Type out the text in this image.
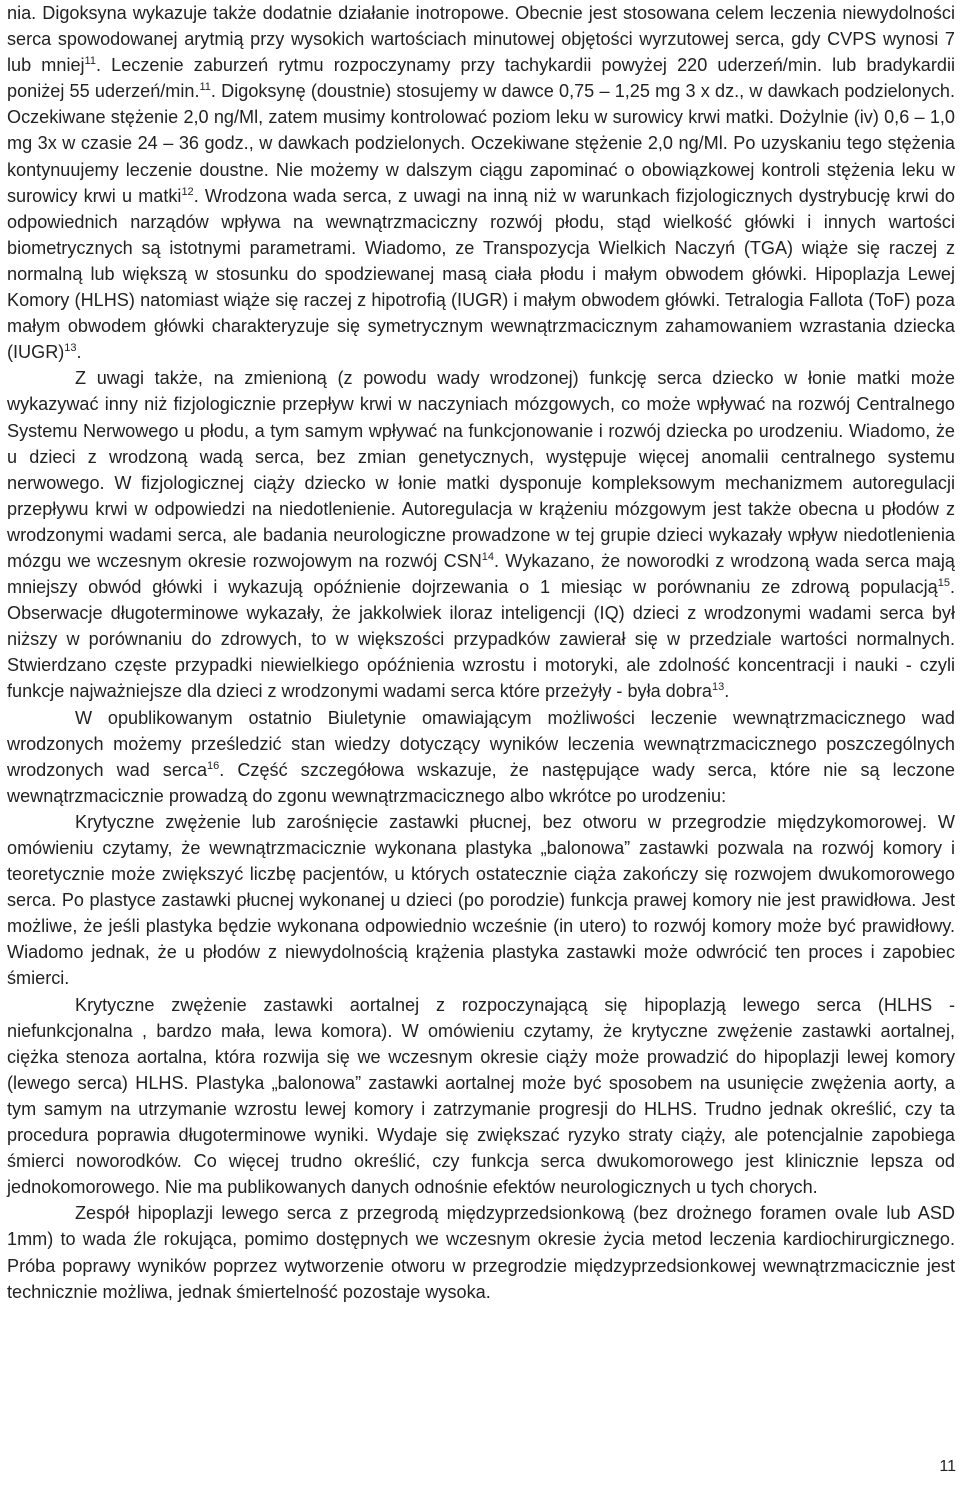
nia. Digoksyna wykazuje także dodatnie działanie inotropowe. Obecnie jest stosowana celem leczenia niewydolności serca spowodowanej arytmią przy wysokich wartościach minutowej objętości wyrzutowej serca, gdy CVPS wynosi 7 lub mniej$^{11}$. Leczenie zaburzeń rytmu rozpoczynamy przy tachykardii powyżej 220 uderzeń/min. lub bradykardii poniżej 55 uderzeń/min.$^{11}$. Digoksynę (doustnie) stosujemy w dawce 0,75 – 1,25 mg 3 x dz., w dawkach podzielonych. Oczekiwane stężenie 2,0 ng/Ml, zatem musimy kontrolować poziom leku w surowicy krwi matki. Dożylnie (iv) 0,6 – 1,0 mg 3x w czasie 24 – 36 godz., w dawkach podzielonych. Oczekiwane stężenie 2,0 ng/Ml. Po uzyskaniu tego stężenia kontynuujemy leczenie doustne. Nie możemy w dalszym ciągu zapominać o obowiązkowej kontroli stężenia leku w surowicy krwi u matki$^{12}$. Wrodzona wada serca, z uwagi na inną niż w warunkach fizjologicznych dystrybucję krwi do odpowiednich narządów wpływa na wewnątrzmaciczny rozwój płodu, stąd wielkość główki i innych wartości biometrycznych są istotnymi parametrami. Wiadomo, ze Transpozycja Wielkich Naczyń (TGA) wiąże się raczej z normalną lub większą w stosunku do spodziewanej masą ciała płodu i małym obwodem główki. Hipoplazja Lewej Komory (HLHS) natomiast wiąże się raczej z hipotrofią (IUGR) i małym obwodem główki. Tetralogia Fallota (ToF) poza małym obwodem główki charakteryzuje się symetrycznym wewnątrzmacicznym zahamowaniem wzrastania dziecka (IUGR)$^{13}$.

Z uwagi także, na zmienioną (z powodu wady wrodzonej) funkcję serca dziecko w łonie matki może wykazywać inny niż fizjologicznie przepływ krwi w naczyniach mózgowych, co może wpływać na rozwój Centralnego Systemu Nerwowego u płodu, a tym samym wpływać na funkcjonowanie i rozwój dziecka po urodzeniu. Wiadomo, że u dzieci z wrodzoną wadą serca, bez zmian genetycznych, występuje więcej anomalii centralnego systemu nerwowego. W fizjologicznej ciąży dziecko w łonie matki dysponuje kompleksowym mechanizmem autoregulacji przepływu krwi w odpowiedzi na niedotlenienie. Autoregulacja w krążeniu mózgowym jest także obecna u płodów z wrodzonymi wadami serca, ale badania neurologiczne prowadzone w tej grupie dzieci wykazały wpływ niedotlenienia mózgu we wczesnym okresie rozwojowym na rozwój CSN$^{14}$. Wykazano, że noworodki z wrodzoną wada serca mają mniejszy obwód główki i wykazują opóźnienie dojrzewania o 1 miesiąc w porównaniu ze zdrową populacją$^{15}$. Obserwacje długoterminowe wykazały, że jakkolwiek iloraz inteligencji (IQ) dzieci z wrodzonymi wadami serca był niższy w porównaniu do zdrowych, to w większości przypadków zawierał się w przedziale wartości normalnych. Stwierdzano częste przypadki niewielkiego opóźnienia wzrostu i motoryki, ale zdolność koncentracji i nauki - czyli funkcje najważniejsze dla dzieci z wrodzonymi wadami serca które przeżyły - była dobra$^{13}$.

W opublikowanym ostatnio Biuletynie omawiającym możliwości leczenie wewnątrzmacicznego wad wrodzonych możemy prześledzić stan wiedzy dotyczący wyników leczenia wewnątrzmacicznego poszczególnych wrodzonych wad serca$^{16}$. Część szczegółowa wskazuje, że następujące wady serca, które nie są leczone wewnątrzmacicznie prowadzą do zgonu wewnątrzmacicznego albo wkrótce po urodzeniu:

Krytyczne zwężenie lub zarośnięcie zastawki płucnej, bez otworu w przegrodzie międzykomorowej. W omówieniu czytamy, że wewnątrzmacicznie wykonana plastyka „balonowa” zastawki pozwala na rozwój komory i teoretycznie może zwiększyć liczbę pacjentów, u których ostatecznie ciąża zakończy się rozwojem dwukomorowego serca. Po plastyce zastawki płucnej wykonanej u dzieci (po porodzie) funkcja prawej komory nie jest prawidłowa. Jest możliwe, że jeśli plastyka będzie wykonana odpowiednio wcześnie (in utero) to rozwój komory może być prawidłowy. Wiadomo jednak, że u płodów z niewydolnością krążenia plastyka zastawki może odwrócić ten proces i zapobiec śmierci.

Krytyczne zwężenie zastawki aortalnej z rozpoczynającą się hipoplazją lewego serca (HLHS - niefunkcjonalna , bardzo mała, lewa komora). W omówieniu czytamy, że krytyczne zwężenie zastawki aortalnej, ciężka stenoza aortalna, która rozwija się we wczesnym okresie ciąży może prowadzić do hipoplazji lewej komory (lewego serca) HLHS. Plastyka „balonowa” zastawki aortalnej może być sposobem na usunięcie zwężenia aorty, a tym samym na utrzymanie wzrostu lewej komory i zatrzymanie progresji do HLHS. Trudno jednak określić, czy ta procedura poprawia długoterminowe wyniki. Wydaje się zwiększać ryzyko straty ciąży, ale potencjalnie zapobiega śmierci noworodków. Co więcej trudno określić, czy funkcja serca dwukomorowego jest klinicznie lepsza od jednokomorowego. Nie ma publikowanych danych odnośnie efektów neurologicznych u tych chorych.

Zespół hipoplazji lewego serca z przegrodą międzyprzedsionkową (bez drożnego foramen ovale lub ASD 1mm) to wada źle rokująca, pomimo dostępnych we wczesnym okresie życia metod leczenia kardiochirurgicznego. Próba poprawy wyników poprzez wytworzenie otworu w przegrodzie międzyprzedsionkowej wewnątrzmacicznie jest technicznie możliwa, jednak śmiertelność pozostaje wysoka.

11
